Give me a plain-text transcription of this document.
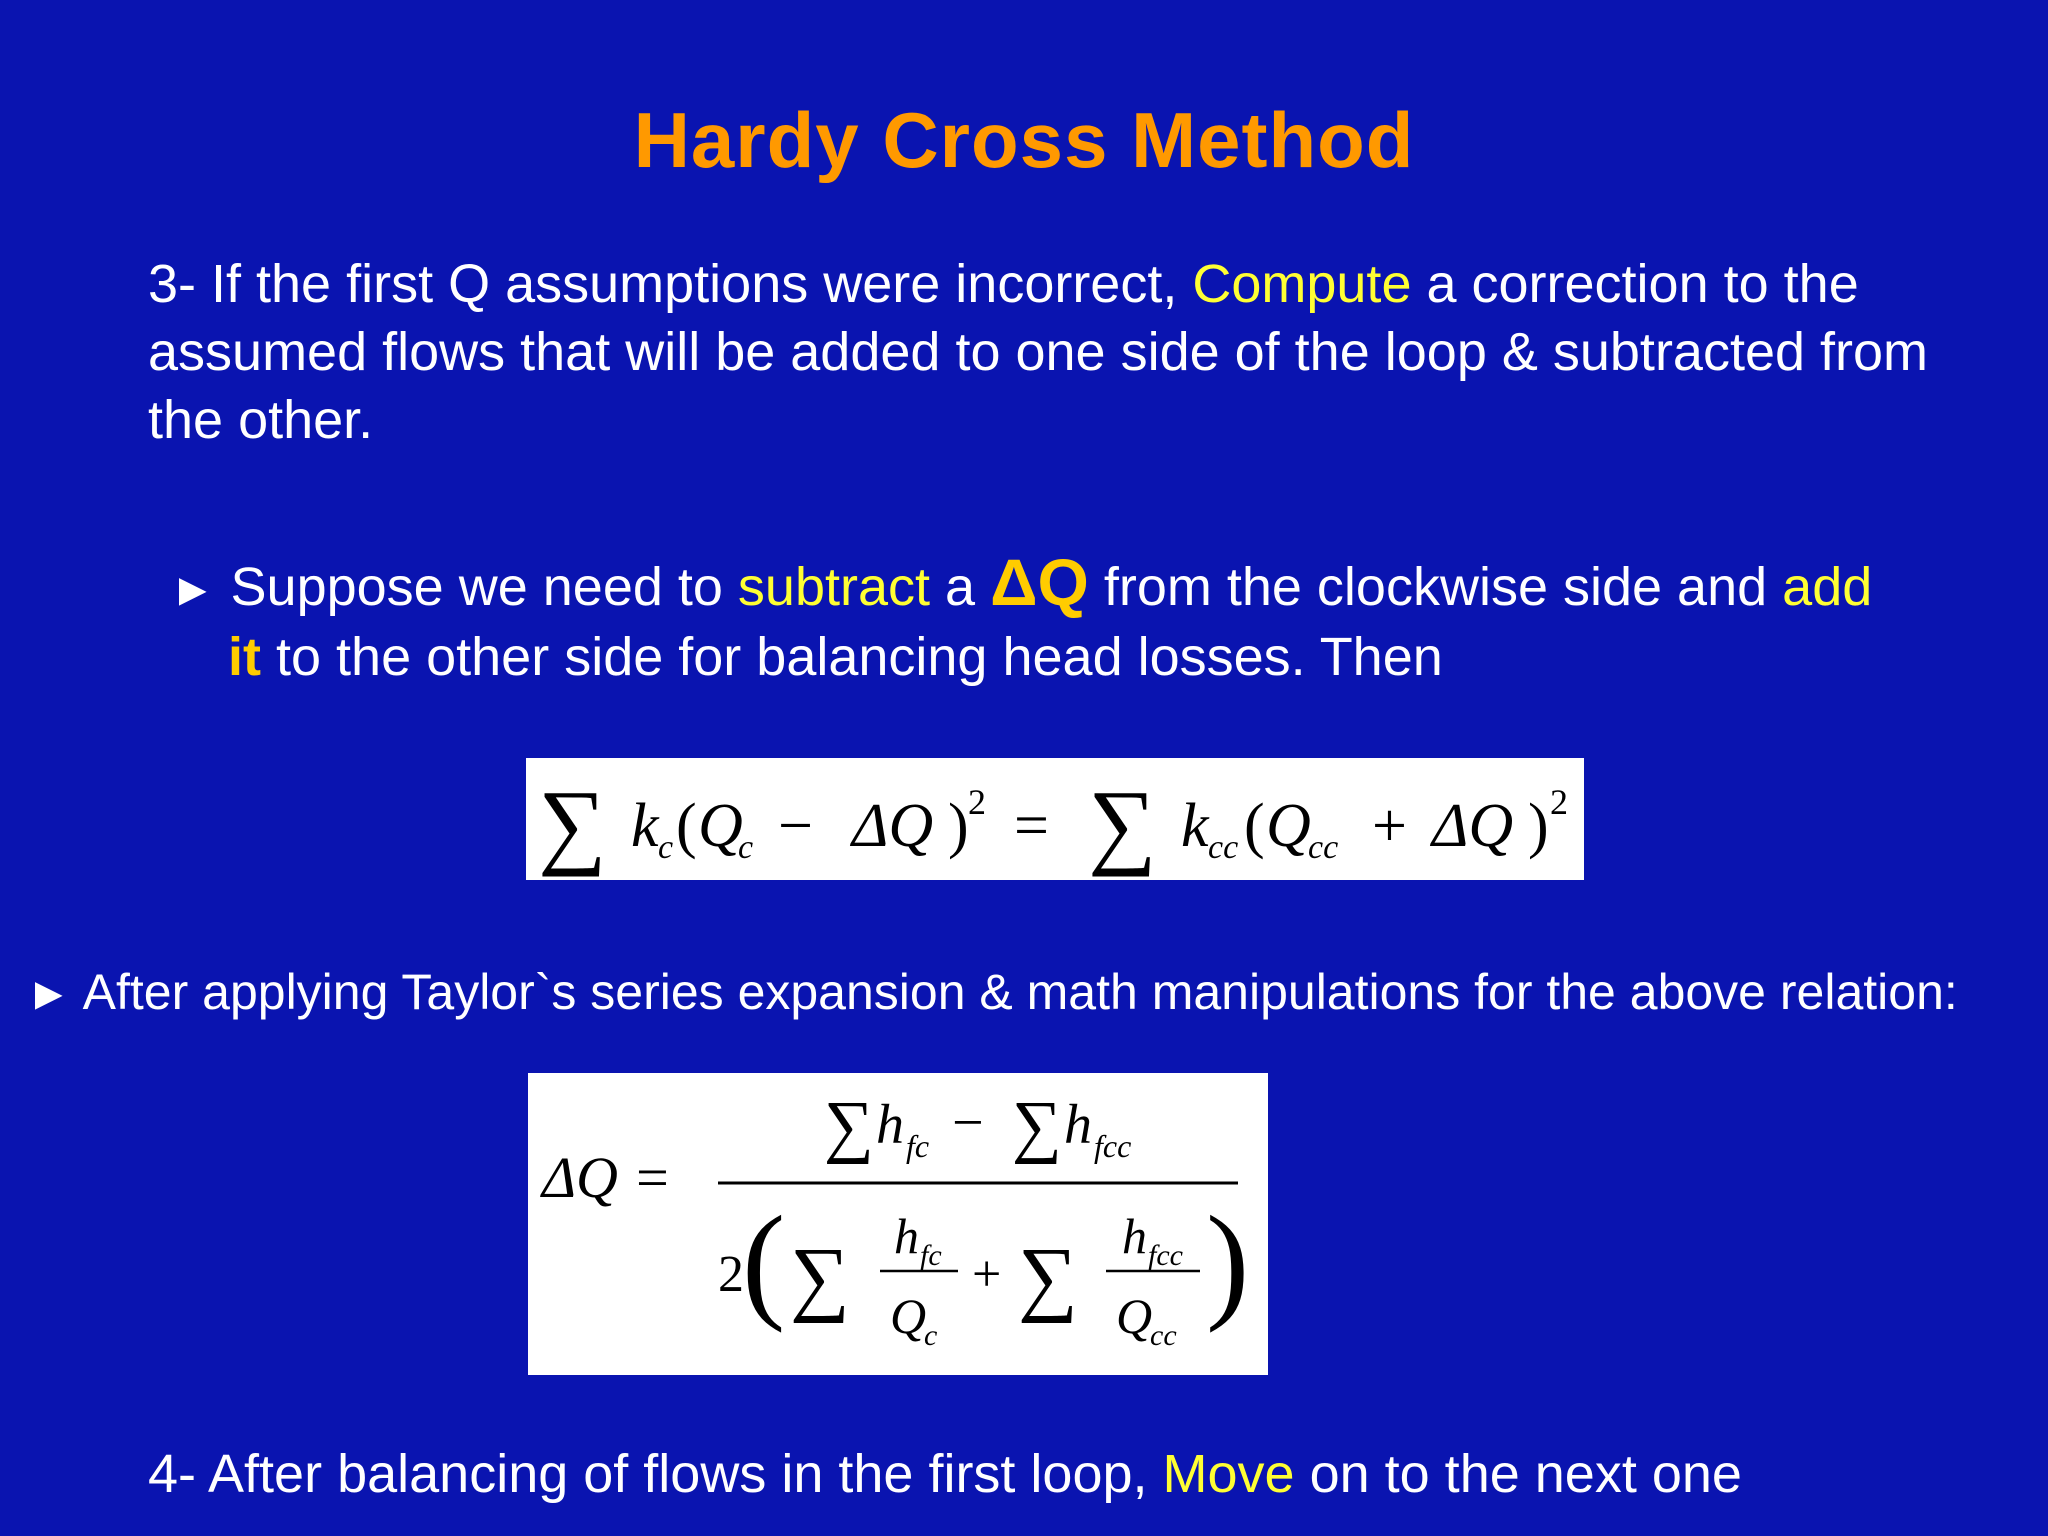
Hardy Cross Method
3- If the first Q assumptions were incorrect, Compute a correction to the assumed flows that will be added to one side of the loop & subtracted from the other.
► Suppose we need to subtract a ΔQ from the clockwise side and add
it to the other side for balancing head losses. Then
∑ k c ( Q
c − ΔQ ) 2 = ∑ k cc ( Q
cc + ΔQ ) 2
► After applying Taylor`s series expansion & math manipulations for the above relation:
ΔQ =
∑ h fc − ∑ h fcc
2
( ∑ h fc
Q
c
+ ∑ h fcc
Q
cc
)
4- After balancing of flows in the first loop, Move on to the next one
